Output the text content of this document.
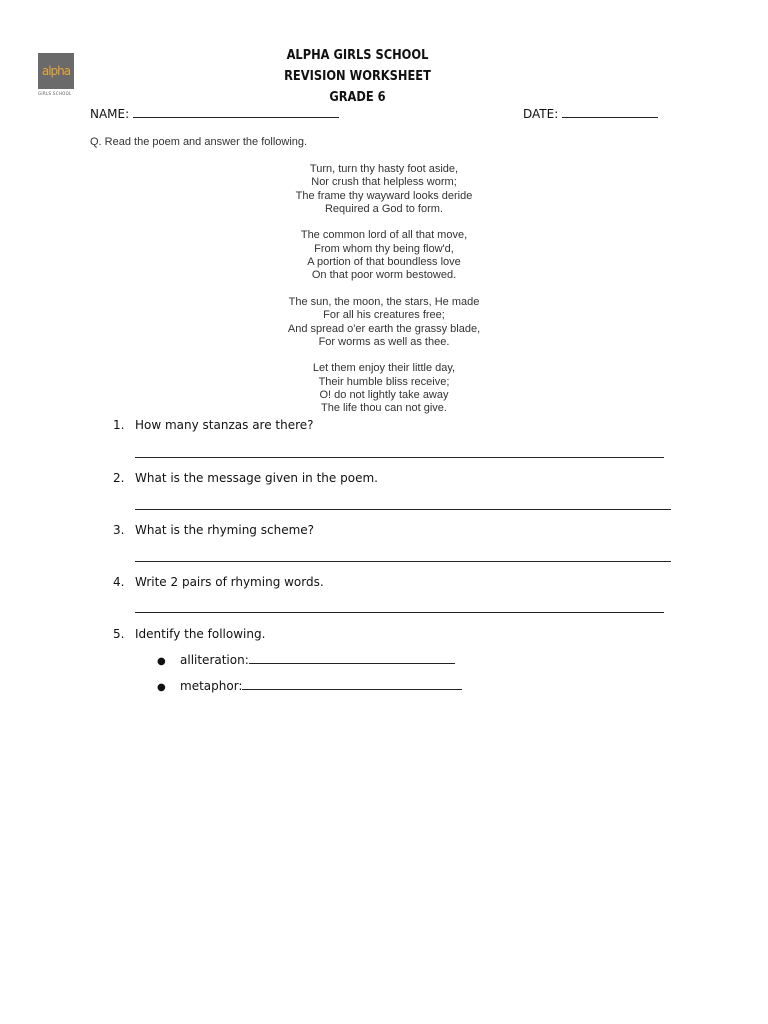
alpha
GIRLS SCHOOL
ALPHA GIRLS SCHOOL
REVISION WORKSHEET
GRADE 6
NAME:	DATE:
Q. Read the poem and answer the following.
Turn, turn thy hasty foot aside,
Nor crush that helpless worm;
The frame thy wayward looks deride
Required a God to form.
The common lord of all that move,
From whom thy being flow'd,
A portion of that boundless love
On that poor worm bestowed.
The sun, the moon, the stars, He made
For all his creatures free;
And spread o'er earth the grassy blade,
For worms as well as thee.
Let them enjoy their little day,
Their humble bliss receive;
O! do not lightly take away
The life thou can not give.
1. How many stanzas are there?
2. What is the message given in the poem.
3. What is the rhyming scheme?
4. Write 2 pairs of rhyming words.
5. Identify the following.
●	alliteration:
●	metaphor:
